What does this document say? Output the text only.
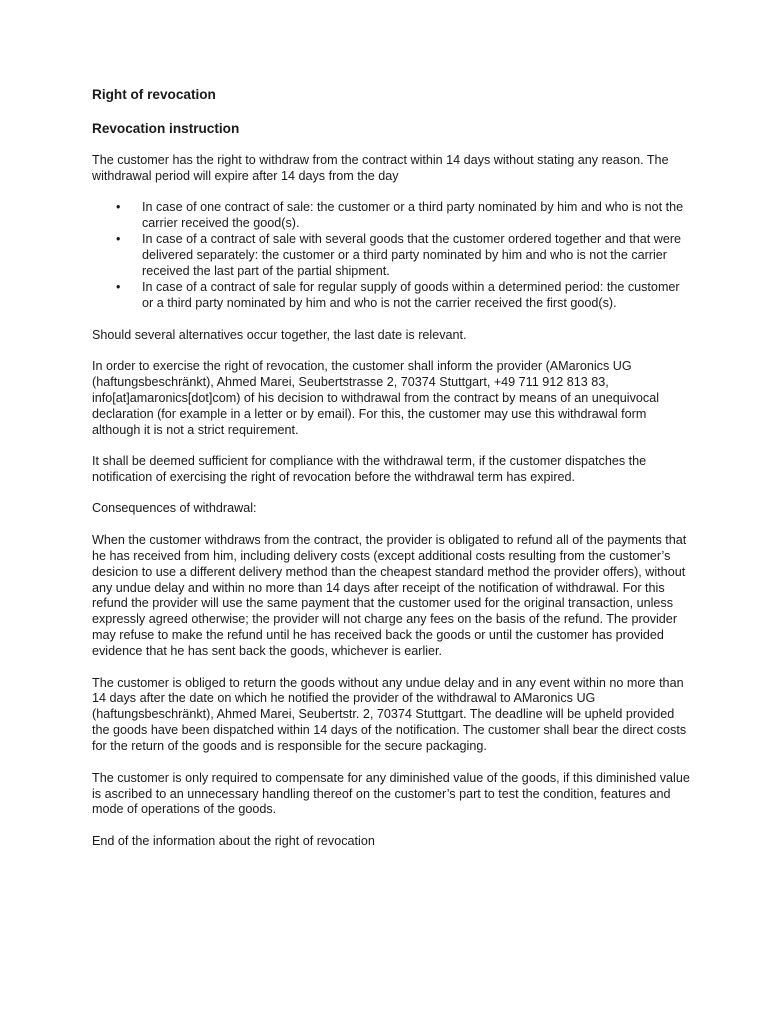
Right of revocation
Revocation instruction

The customer has the right to withdraw from the contract within 14 days without stating any reason. The withdrawal period will expire after 14 days from the day

• In case of one contract of sale: the customer or a third party nominated by him and who is not the carrier received the good(s).
• In case of a contract of sale with several goods that the customer ordered together and that were delivered separately: the customer or a third party nominated by him and who is not the carrier received the last part of the partial shipment.
• In case of a contract of sale for regular supply of goods within a determined period: the customer or a third party nominated by him and who is not the carrier received the first good(s).

Should several alternatives occur together, the last date is relevant.

In order to exercise the right of revocation, the customer shall inform the provider (AMaronics UG (haftungsbeschränkt), Ahmed Marei, Seubertstrasse 2, 70374 Stuttgart, +49 711 912 813 83, info[at]amaronics[dot]com) of his decision to withdrawal from the contract by means of an unequivocal declaration (for example in a letter or by email). For this, the customer may use this withdrawal form although it is not a strict requirement.

It shall be deemed sufficient for compliance with the withdrawal term, if the customer dispatches the notification of exercising the right of revocation before the withdrawal term has expired.

Consequences of withdrawal:

When the customer withdraws from the contract, the provider is obligated to refund all of the payments that he has received from him, including delivery costs (except additional costs resulting from the customer’s desicion to use a different delivery method than the cheapest standard method the provider offers), without any undue delay and within no more than 14 days after receipt of the notification of withdrawal. For this refund the provider will use the same payment that the customer used for the original transaction, unless expressly agreed otherwise; the provider will not charge any fees on the basis of the refund. The provider may refuse to make the refund until he has received back the goods or until the customer has provided evidence that he has sent back the goods, whichever is earlier.

The customer is obliged to return the goods without any undue delay and in any event within no more than 14 days after the date on which he notified the provider of the withdrawal to AMaronics UG (haftungsbeschränkt), Ahmed Marei, Seubertstr. 2, 70374 Stuttgart. The deadline will be upheld provided the goods have been dispatched within 14 days of the notification. The customer shall bear the direct costs for the return of the goods and is responsible for the secure packaging.

The customer is only required to compensate for any diminished value of the goods, if this diminished value is ascribed to an unnecessary handling thereof on the customer’s part to test the condition, features and mode of operations of the goods.

End of the information about the right of revocation
